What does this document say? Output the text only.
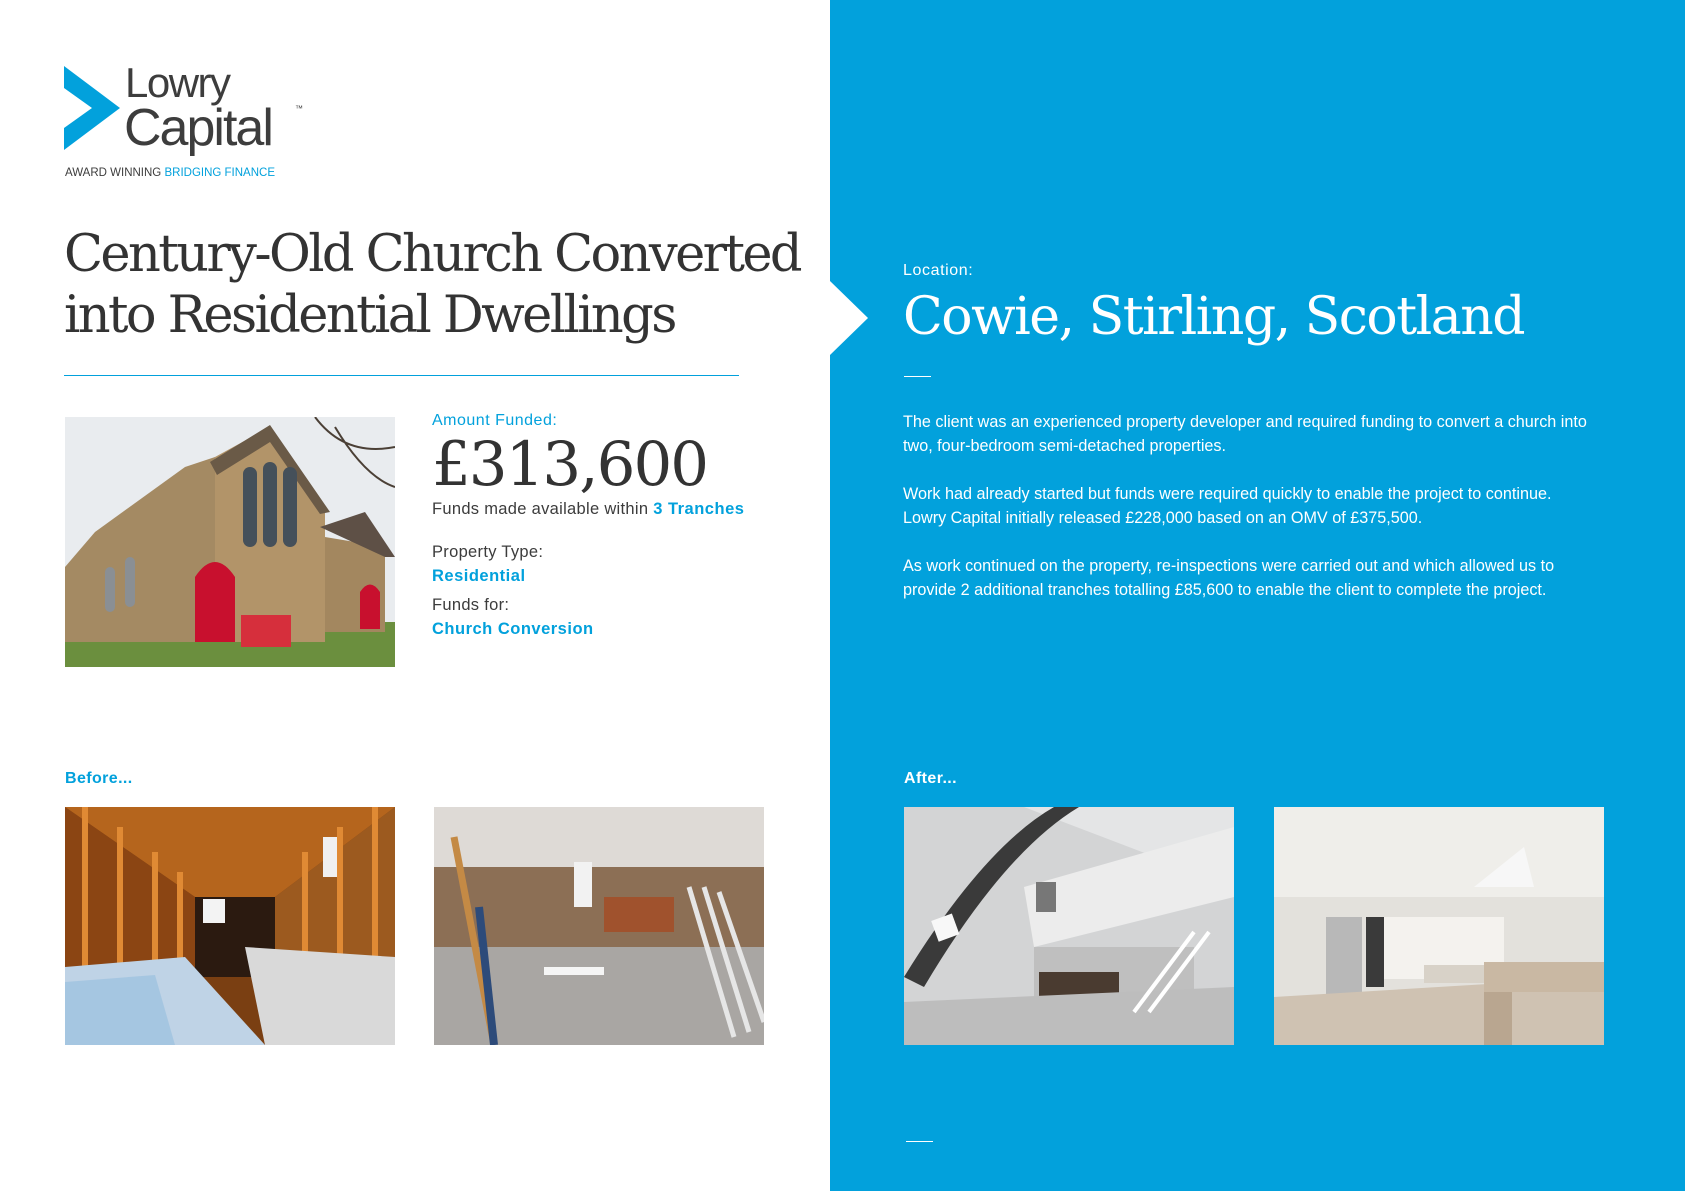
Lowry
Capital	™
AWARD WINNING BRIDGING FINANCE
Century-Old Church Converted into Residential Dwellings
Amount Funded:
£313,600
Funds made available within 3 Tranches
Property Type:
Residential
Funds for:
Church Conversion
Location:
Cowie, Stirling, Scotland

The client was an experienced property developer and required funding to convert a church into two, four-bedroom semi-detached properties.

Work had already started but funds were required quickly to enable the project to continue. Lowry Capital initially released £228,000 based on an OMV of £375,500.

As work continued on the property, re-inspections were carried out and which allowed us to provide 2 additional tranches totalling £85,600 to enable the client to complete the project.

Before...	After...
